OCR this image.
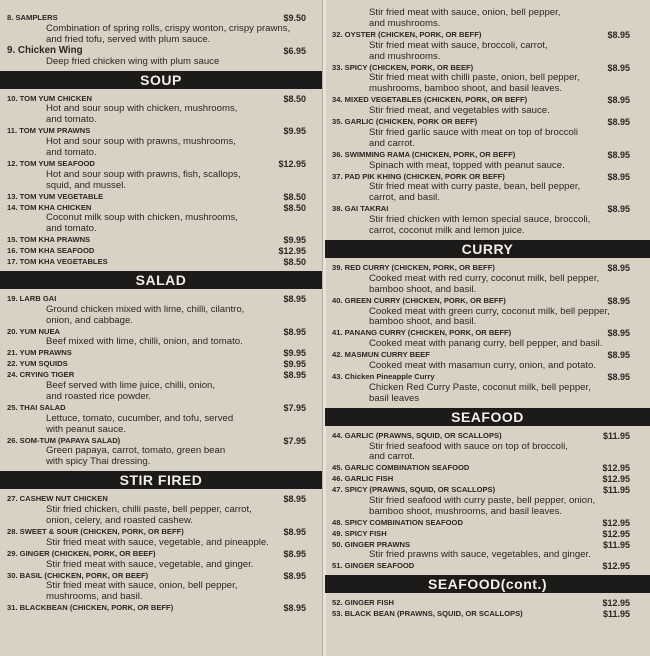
8. SAMPLERS	$9.50
Combination of spring rolls, crispy wonton, crispy prawns,
and fried tofu, served with plum sauce.
9. Chicken Wing	$6.95
Deep fried chicken wing with plum sauce
SOUP
10. TOM YUM CHICKEN	$8.50
Hot and sour soup with chicken, mushrooms,
and tomato.
11. TOM YUM PRAWNS	$9.95
Hot and sour soup with prawns, mushrooms,
and tomato.
12. TOM YUM SEAFOOD	$12.95
Hot and sour soup with prawns, fish, scallops,
squid, and mussel.
13. TOM YUM VEGETABLE	$8.50
14. TOM KHA CHICKEN	$8.50
Coconut milk soup with chicken, mushrooms,
and tomato.
15. TOM KHA PRAWNS	$9.95
16. TOM KHA SEAFOOD	$12.95
17. TOM KHA VEGETABLES	$8.50
SALAD
19. LARB GAI	$8.95
Ground chicken mixed with lime, chilli, cilantro,
onion, and cabbage.
20. YUM NUEA	$8.95
Beef mixed with lime, chilli, onion, and tomato.
21. YUM PRAWNS	$9.95
22. YUM SQUIDS	$9.95
24. CRYING TIGER	$8.95
Beef served with lime juice, chilli, onion,
and roasted rice powder.
25. THAI SALAD	$7.95
Lettuce, tomato, cucumber, and tofu, served
with peanut sauce.
26. SOM-TUM (PAPAYA SALAD)	$7.95
Green papaya, carrot, tomato, green bean
with spicy Thai dressing.
STIR FIRED
27. CASHEW NUT CHICKEN	$8.95
Stir fried chicken, chilli paste, bell pepper, carrot,
onion, celery, and roasted cashew.
28. SWEET & SOUR (CHICKEN, PORK, OR BEFF)	$8.95
Stir fried meat with sauce, vegetable, and pineapple.
29. GINGER (CHICKEN, PORK, OR BEEF)	$8.95
Stir fried meat with sauce, vegetable, and ginger.
30. BASIL (CHICKEN, PORK, OR BEEF)	$8.95
Stir fried meat with sauce, onion, bell pepper,
mushrooms, and basil.
31. BLACKBEAN (CHICKEN, PORK, OR BEFF)	$8.95
Stir fried meat with sauce, onion, bell pepper,
and mushrooms.
32. OYSTER (CHICKEN, PORK, OR BEFF)	$8.95
Stir fried meat with sauce, broccoli, carrot,
and mushrooms.
33. SPICY (CHICKEN, PORK, OR BEEF)	$8.95
Stir fried meat with chilli paste, onion, bell pepper,
mushrooms, bamboo shoot, and basil leaves.
34. MIXED VEGETABLES (CHICKEN, PORK, OR BEFF)	$8.95
Stir fried meat, and vegetables with sauce.
35. GARLIC (CHICKEN, PORK OR BEFF)	$8.95
Stir fried garlic sauce with meat on top of broccoli
and carrot.
36. SWIMMING RAMA (CHICKEN, PORK, OR BEFF)	$8.95
Spinach with meat, topped with peanut sauce.
37. PAD PIK KHING (CHICKEN, PORK OR BEFF)	$8.95
Stir fried meat with curry paste, bean, bell pepper,
carrot, and basil.
38. GAI TAKRAI	$8.95
Stir fried chicken with lemon special sauce, broccoli,
carrot, coconut milk and lemon juice.
CURRY
39. RED CURRY (CHICKEN, PORK, OR BEFF)	$8.95
Cooked meat with red curry, coconut milk, bell pepper,
bamboo shoot, and basil.
40. GREEN CURRY (CHICKEN, PORK, OR BEFF)	$8.95
Cooked meat with green curry, coconut milk, bell pepper,
bamboo shoot, and basil.
41. PANANG CURRY (CHICKEN, PORK, OR BEFF)	$8.95
Cooked meat with panang curry, bell pepper, and basil.
42. MASMUN CURRY BEEF	$8.95
Cooked meat with masamun curry, onion, and potato.
43. Chicken Pineapple Curry	$8.95
Chicken Red Curry Paste, coconut milk, bell pepper,
basil leaves
SEAFOOD
44. GARLIC (PRAWNS, SQUID, OR SCALLOPS)	$11.95
Stir fried seafood with sauce on top of broccoli,
and carrot.
45. GARLIC COMBINATION SEAFOOD	$12.95
46. GARLIC FISH	$12.95
47. SPICY (PRAWNS, SQUID, OR SCALLOPS)	$11.95
Stir fried seafood with curry paste, bell pepper, onion,
bamboo shoot, mushrooms, and basil leaves.
48. SPICY COMBINATION SEAFOOD	$12.95
49. SPICY FISH	$12.95
50. GINGER PRAWNS	$11.95
Stir fried prawns with sauce, vegetables, and ginger.
51. GINGER SEAFOOD	$12.95
SEAFOOD(cont.)
52. GINGER FISH	$12.95
53. BLACK BEAN (PRAWNS, SQUID, OR SCALLOPS)	$11.95
